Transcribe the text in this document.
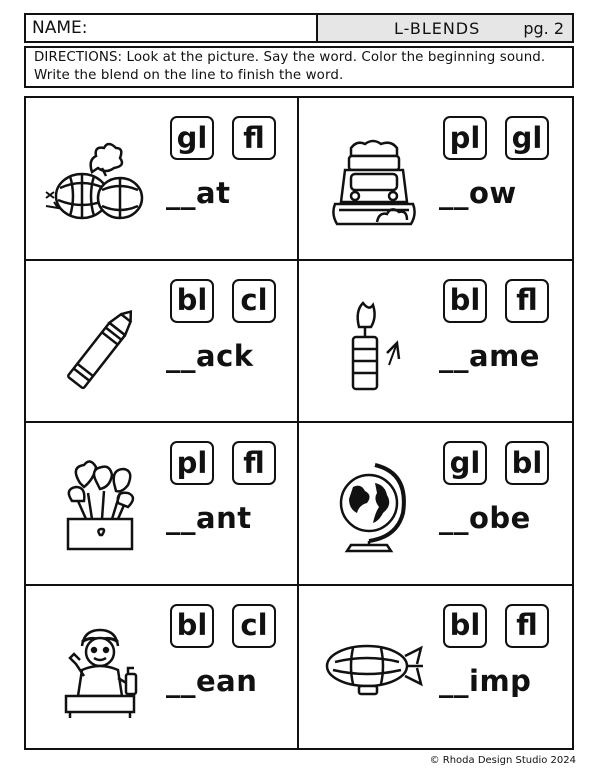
NAME:	L-BLENDS	pg. 2
DIRECTIONS: Look at the picture. Say the word. Color the beginning sound. Write the blend on the line to finish the word.
gl	fl
__at
pl gl
__ow
bl cl
__ack
bl	fl
__ame
pl	fl
__ant
gl bl
__obe
bl cl
__ean
bl	fl
__imp
© Rhoda Design Studio 2024
